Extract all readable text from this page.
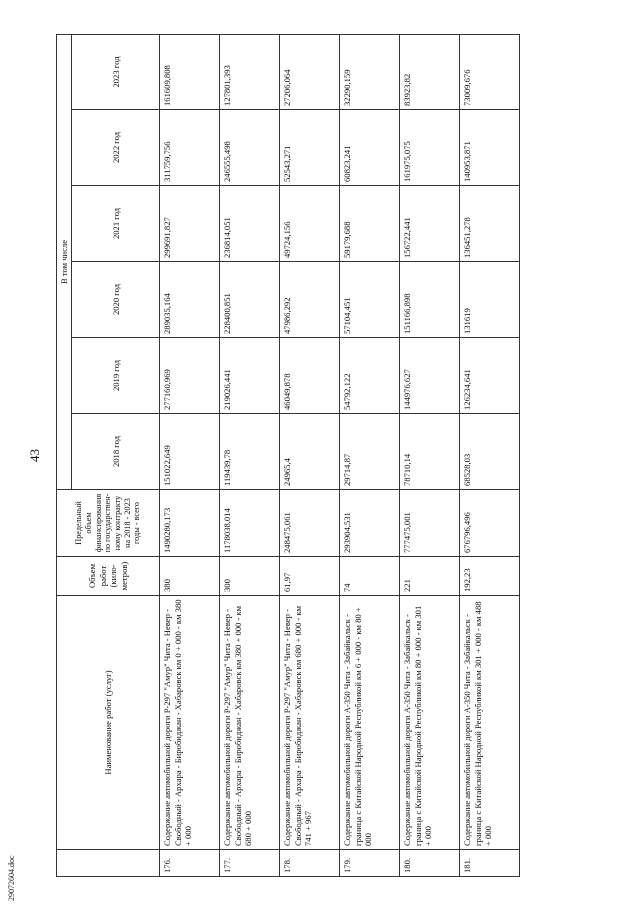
43
29072604.doc
	Наименование работ (услуг)	Объем работ (кило-метров)	Предельный объем финансирования по государствен-ному контракту на 2018 - 2023 годы - всего	В том числе					
				2018 год	2019 год	2020 год	2021 год	2022 год	2023 год
176.	Содержание автомобильной дороги Р-297 "Амур" Чита - Невер - Свободный - Архара - Биробиджан - Хабаровск км 0 + 000 - км 380 + 000	380	1490280,173	151022,649	277160,969	289035,164	299691,827	311759,756	161609,808
177.	Содержание автомобильной дороги Р-297 "Амур" Чита - Невер - Свободный - Архара - Биробиджан - Хабаровск км 380 + 000 - км 680 + 000	300	1178038,014	119439,78	219026,441	228400,851	236814,051	246555,498	127801,393
178.	Содержание автомобильной дороги Р-297 "Амур" Чита - Невер - Свободный - Архара - Биробиджан - Хабаровск км 680 + 000 - км 741 + 967	61,97	248475,061	24965,4	46049,878	47986,292	49724,156	52543,271	27206,064
179.	Содержание автомобильной дороги А-350 Чита - Забайкальск - граница с Китайской Народной Республикой км 6 + 000 - км 80 + 000	74	293904,531	29714,87	54792,122	57104,451	59179,688	60823,241	32290,159
180.	Содержание автомобильной дороги А-350 Чита - Забайкальск - граница с Китайской Народной Республикой км 80 + 000 - км 301 + 000	221	777475,001	78710,14	144976,627	151166,898	156722,441	161975,075	83923,82
181.	Содержание автомобильной дороги А-350 Чита - Забайкальск - граница с Китайской Народной Республикой км 301 + 000 - км 488 + 000	192,23	676796,496	68528,03	126234,641	131619	136451,278	140953,871	73009,676
